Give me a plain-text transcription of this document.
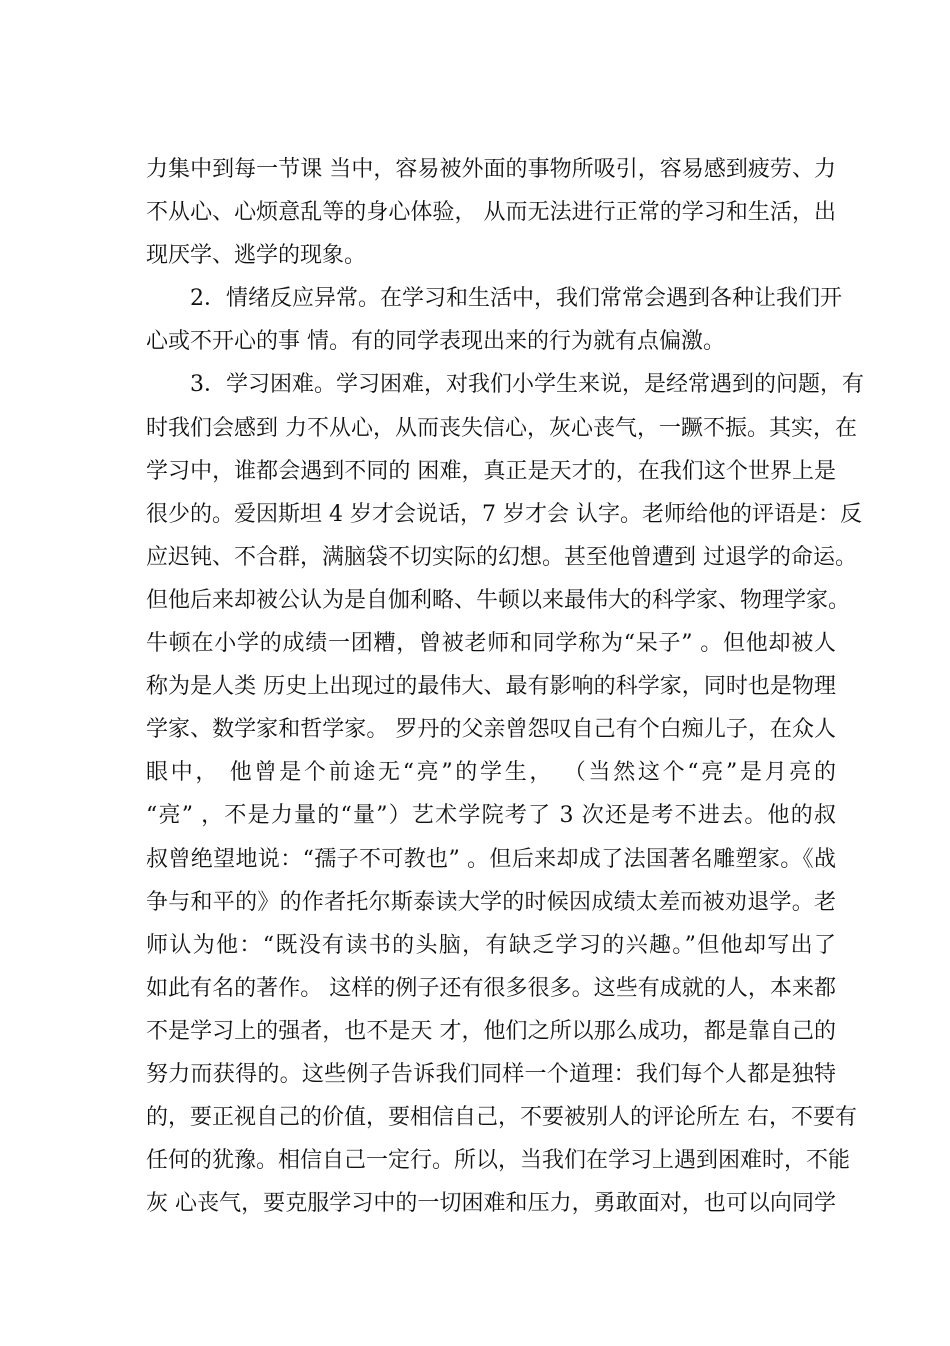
力集中到每一节课 当中，容易被外面的事物所吸引，容易感到疲劳、力
不从心、心烦意乱等的身心体验， 从而无法进行正常的学习和生活，出
现厌学、逃学的现象。
2．情绪反应异常。在学习和生活中，我们常常会遇到各种让我们开
心或不开心的事 情。有的同学表现出来的行为就有点偏激。
3．学习困难。学习困难，对我们小学生来说，是经常遇到的问题，有
时我们会感到 力不从心，从而丧失信心，灰心丧气，一蹶不振。其实，在
学习中，谁都会遇到不同的 困难，真正是天才的，在我们这个世界上是
很少的。爱因斯坦 4 岁才会说话，7 岁才会 认字。老师给他的评语是：反
应迟钝、不合群，满脑袋不切实际的幻想。甚至他曾遭到 过退学的命运。
但他后来却被公认为是自伽利略、牛顿以来最伟大的科学家、物理学家。
牛顿在小学的成绩一团糟，曾被老师和同学称为“呆子” 。但他却被人
称为是人类 历史上出现过的最伟大、最有影响的科学家，同时也是物理
学家、数学家和哲学家。 罗丹的父亲曾怨叹自己有个白痴儿子，在众人
眼中， 他曾是个前途无“亮”的学生， （当然这个“亮”是月亮的
“亮” ，不是力量的“量”）艺术学院考了 3 次还是考不进去。他的叔
叔曾绝望地说：“孺子不可教也” 。但后来却成了法国著名雕塑家。《战
争与和平的》的作者托尔斯泰读大学的时候因成绩太差而被劝退学。老
师认为他：“既没有读书的头脑，有缺乏学习的兴趣。”但他却写出了
如此有名的著作。 这样的例子还有很多很多。这些有成就的人，本来都
不是学习上的强者，也不是天 才，他们之所以那么成功，都是靠自己的
努力而获得的。这些例子告诉我们同样一个道理：我们每个人都是独特
的，要正视自己的价值，要相信自己，不要被别人的评论所左 右，不要有
任何的犹豫。相信自己一定行。所以，当我们在学习上遇到困难时，不能
灰 心丧气，要克服学习中的一切困难和压力，勇敢面对，也可以向同学
